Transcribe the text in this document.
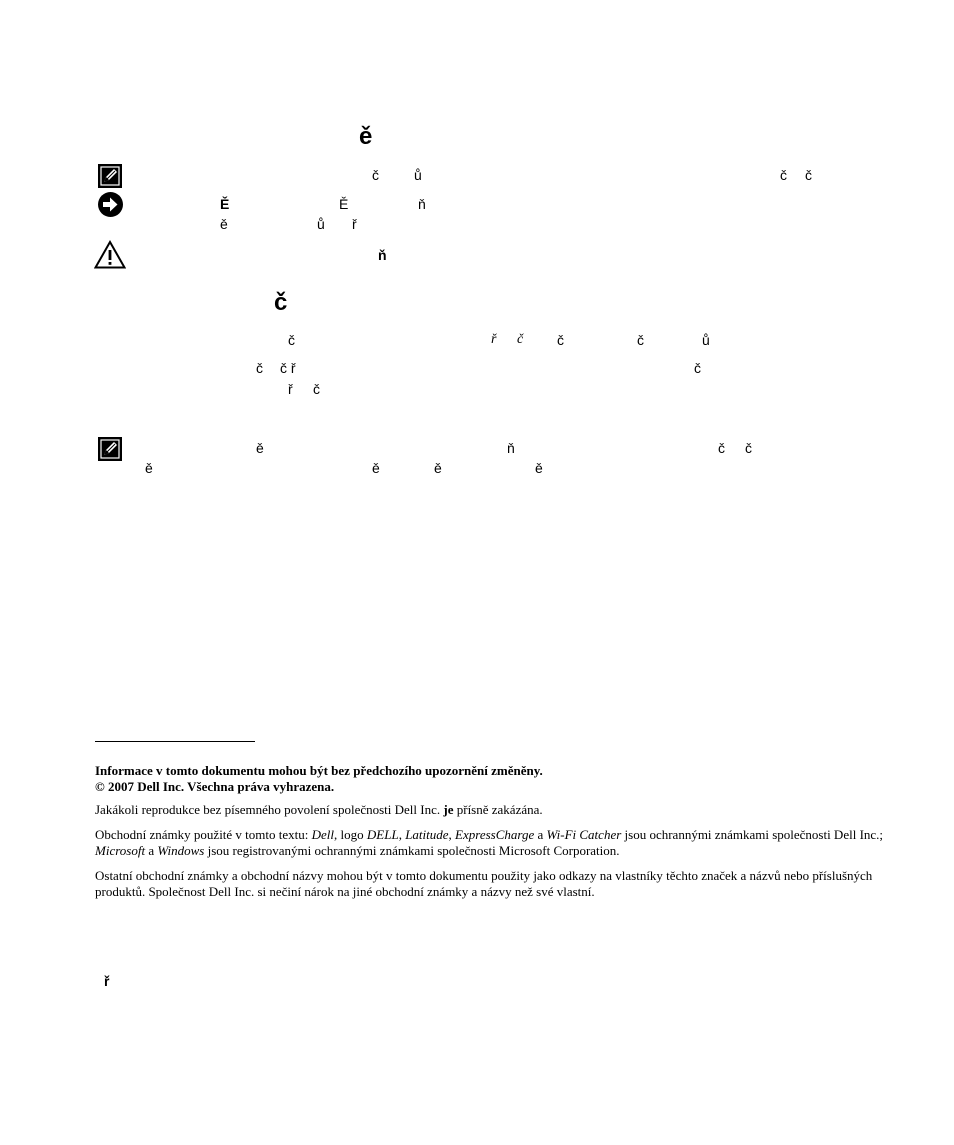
ě
č	ů	č č
Ě	Ě	ň
ě	ů ř
ň
č
č	ř č č	č	ů
č č ř	č
ř č
ě	ň	č č
ě	ě	ě	ě
Informace v tomto dokumentu mohou být bez předchozího upozornění změněny.
© 2007 Dell Inc. Všechna práva vyhrazena.
Jakákoli reprodukce bez písemného povolení společnosti Dell Inc. je přísně zakázána.
Obchodní známky použité v tomto textu: Dell, logo DELL, Latitude, ExpressCharge a Wi-Fi Catcher jsou ochrannými známkami společnosti Dell Inc.; Microsoft a Windows jsou registrovanými ochrannými známkami společnosti Microsoft Corporation.
Ostatní obchodní známky a obchodní názvy mohou být v tomto dokumentu použity jako odkazy na vlastníky těchto značek a názvů nebo příslušných produktů. Společnost Dell Inc. si nečiní nárok na jiné obchodní známky a názvy než své vlastní.
ř
